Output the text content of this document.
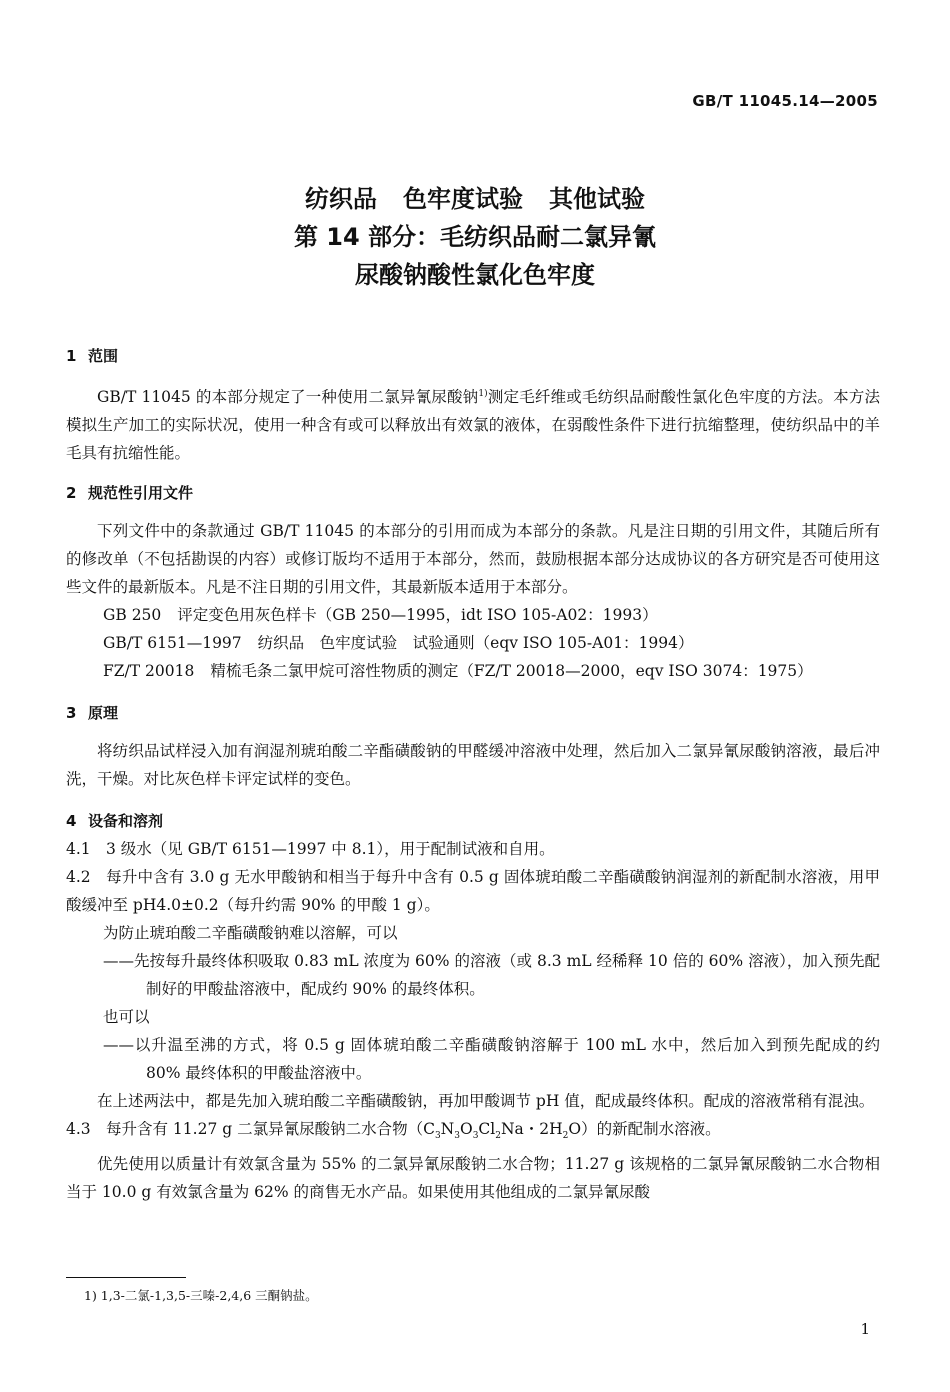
GB/T 11045.14—2005
纺织品 色牢度试验 其他试验
第 14 部分：毛纺织品耐二氯异氰
尿酸钠酸性氯化色牢度

1 范围

GB/T 11045 的本部分规定了一种使用二氯异氰尿酸钠$^{1)}$测定毛纤维或毛纺织品耐酸性氯化色牢度的方法。本方法模拟生产加工的实际状况，使用一种含有或可以释放出有效氯的液体，在弱酸性条件下进行抗缩整理，使纺织品中的羊毛具有抗缩性能。

2 规范性引用文件

下列文件中的条款通过 GB/T 11045 的本部分的引用而成为本部分的条款。凡是注日期的引用文件，其随后所有的修改单（不包括勘误的内容）或修订版均不适用于本部分，然而，鼓励根据本部分达成协议的各方研究是否可使用这些文件的最新版本。凡是不注日期的引用文件，其最新版本适用于本部分。

GB 250 评定变色用灰色样卡（GB 250—1995，idt ISO 105-A02：1993）

GB/T 6151—1997 纺织品　色牢度试验　试验通则（eqv ISO 105-A01：1994）

FZ/T 20018 精梳毛条二氯甲烷可溶性物质的测定（FZ/T 20018—2000，eqv ISO 3074：1975）

3 原理

将纺织品试样浸入加有润湿剂琥珀酸二辛酯磺酸钠的甲醛缓冲溶液中处理，然后加入二氯异氰尿酸钠溶液，最后冲洗，干燥。对比灰色样卡评定试样的变色。

4 设备和溶剂

4.1 3 级水（见 GB/T 6151—1997 中 8.1），用于配制试液和自用。

4.2 每升中含有 3.0 g 无水甲酸钠和相当于每升中含有 0.5 g 固体琥珀酸二辛酯磺酸钠润湿剂的新配制水溶液，用甲酸缓冲至 pH4.0±0.2（每升约需 90% 的甲酸 1 g）。

为防止琥珀酸二辛酯磺酸钠难以溶解，可以

——先按每升最终体积吸取 0.83 mL 浓度为 60% 的溶液（或 8.3 mL 经稀释 10 倍的 60% 溶液），加入预先配制好的甲酸盐溶液中，配成约 90% 的最终体积。

也可以

——以升温至沸的方式，将 0.5 g 固体琥珀酸二辛酯磺酸钠溶解于 100 mL 水中，然后加入到预先配成的约 80% 最终体积的甲酸盐溶液中。

在上述两法中，都是先加入琥珀酸二辛酯磺酸钠，再加甲酸调节 pH 值，配成最终体积。配成的溶液常稍有混浊。

4.3 每升含有 11.27 g 二氯异氰尿酸钠二水合物（$C_3N_3O_3Cl_2Na$・$2H_2O$）的新配制水溶液。

优先使用以质量计有效氯含量为 55% 的二氯异氰尿酸钠二水合物；11.27 g 该规格的二氯异氰尿酸钠二水合物相当于 10.0 g 有效氯含量为 62% 的商售无水产品。如果使用其他组成的二氯异氰尿酸

1) 1,3-二氯-1,3,5-三嗪-2,4,6 三酮钠盐。
1
